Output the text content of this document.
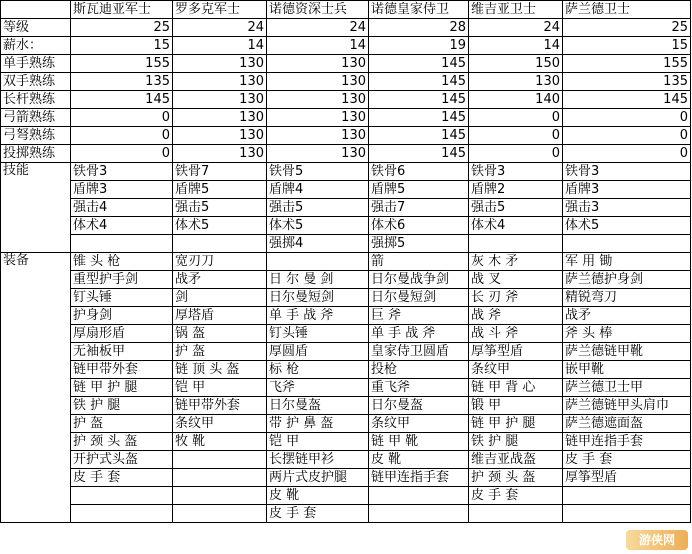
	斯瓦迪亚军士	罗多克军士	诺德资深士兵	诺德皇家侍卫	维吉亚卫士	萨兰德卫士
等级	25	24	24	28	24	25
薪水：	15	14	14	19	14	15
单手熟练	155	130	130	145	150	155
双手熟练	135	130	130	145	130	135
长杆熟练	145	130	130	145	140	145
弓箭熟练	0	130	130	145	0	0
弓弩熟练	0	130	130	145	0	0
投掷熟练	0	130	130	145	0	0
技能	铁骨3	铁骨7	铁骨5	铁骨6	铁骨3	铁骨3
	盾牌3	盾牌5	盾牌4	盾牌5	盾牌2	盾牌3
	强击4	强击5	强击5	强击7	强击5	强击3
	体术4	体术5	体术5	体术6	体术4	体术5
			强掷4	强掷5		
装备	锥 头 枪	宽刃刀		箭	灰 木 矛	军 用 锄
	重型护手剑	战矛	日 尔 曼 剑	日尔曼战争剑	战 叉	萨兰德护身剑
	钉头锤	剑	日尔曼短剑	日尔曼短剑	长 刃 斧	精锐弯刀
	护身剑	厚塔盾	单 手 战 斧	巨 斧	战 斧	战矛
	厚扇形盾	锅 盔	钉头锤	单 手 战 斧	战 斗 斧	斧 头 棒
	无袖板甲	护 盔	厚圆盾	皇家侍卫圆盾	厚筝型盾	萨兰德链甲靴
	链甲带外套	链 顶 头 盔	标 枪	投枪	条纹甲	嵌甲靴
	链 甲 护 腿	铠 甲	飞斧	重飞斧	链 甲 背 心	萨兰德卫士甲
	铁 护 腿	链甲带外套	日尔曼盔	日尔曼盔	锻 甲	萨兰德链甲头肩巾
	护 盔	条纹甲	带 护 鼻 盔	条纹甲	链 甲 护 腿	萨兰德遮面盔
	护 颈 头 盔	牧 靴	铠 甲	链 甲 靴	铁 护 腿	链甲连指手套
	开护式头盔		长摆链甲衫	皮 靴	维吉亚战盔	皮 手 套
	皮 手 套		两片式皮护腿	链甲连指手套	护 颈 头 盔	厚筝型盾
			皮 靴		皮 手 套	
			皮 手 套			
游侠网
